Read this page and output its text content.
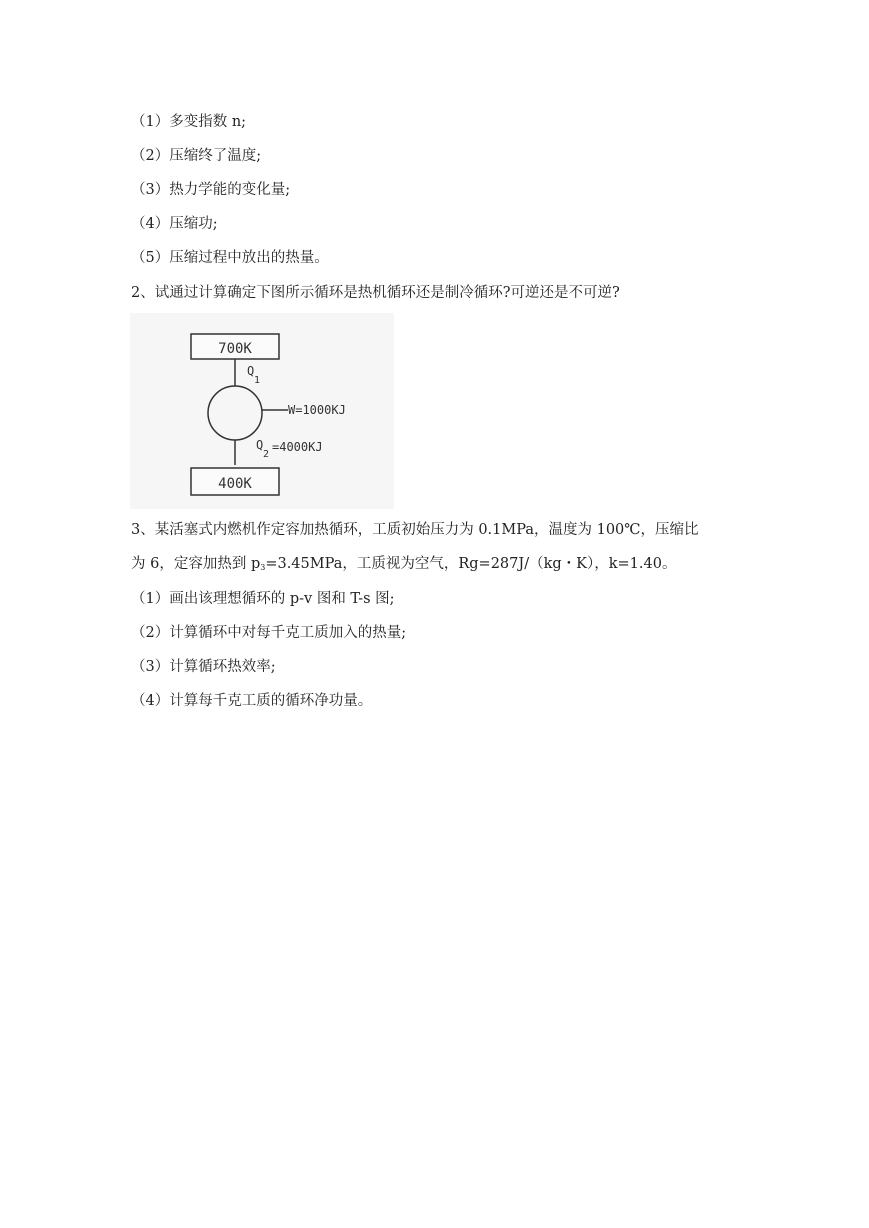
（1）多变指数 n;
（2）压缩终了温度;
（3）热力学能的变化量;
（4）压缩功;
（5）压缩过程中放出的热量。
2、试通过计算确定下图所示循环是热机循环还是制冷循环?可逆还是不可逆?
700K
Q
1
W=1000KJ
Q
2
=4000KJ
400K
3、某活塞式内燃机作定容加热循环，工质初始压力为 0.1MPa，温度为 100℃，压缩比
为 6，定容加热到 $p_3=3.45MPa$，工质视为空气，Rg=287J/（kg・K），k=1.40。
（1）画出该理想循环的 p-v 图和 T-s 图;
（2）计算循环中对每千克工质加入的热量;
（3）计算循环热效率;
（4）计算每千克工质的循环净功量。
